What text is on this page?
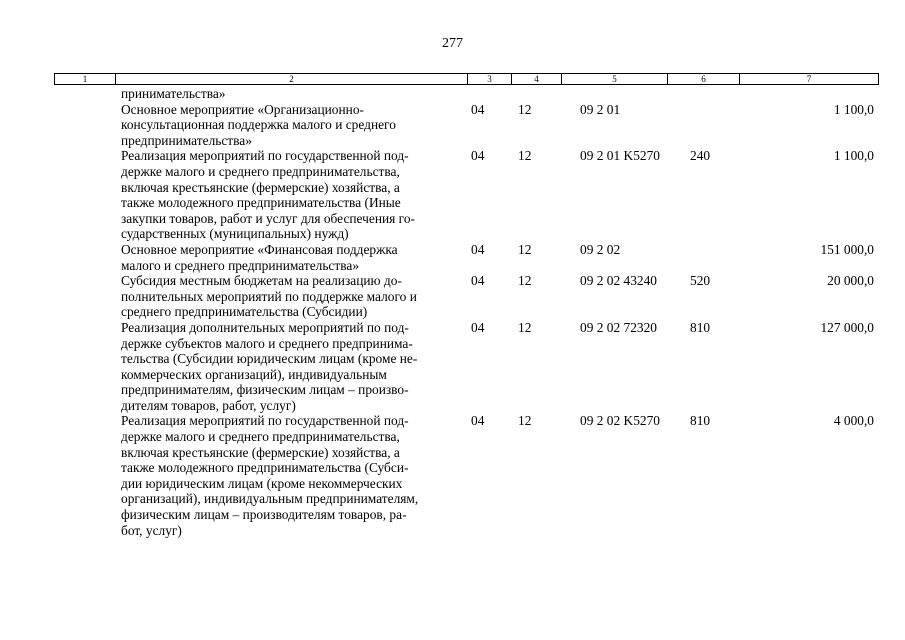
277
1	2	3	4	5	6	7
принимательства»
Основное мероприятие «Организационно-
консультационная поддержка малого и среднего
предпринимательства»
04	12	09 2 01	1 100,0
Реализация мероприятий по государственной под-
держке малого и среднего предпринимательства,
включая крестьянские (фермерские) хозяйства, а
также молодежного предпринимательства (Иные
закупки товаров, работ и услуг для обеспечения го-
сударственных (муниципальных) нужд)
04	12	09 2 01 K5270 240	1 100,0
Основное мероприятие «Финансовая поддержка
малого и среднего предпринимательства»
04	12	09 2 02	151 000,0
Субсидия местным бюджетам на реализацию до-
полнительных мероприятий по поддержке малого и
среднего предпринимательства (Субсидии)
04	12	09 2 02 43240 520	20 000,0
Реализация дополнительных мероприятий по под-
держке субъектов малого и среднего предпринима-
тельства (Субсидии юридическим лицам (кроме не-
коммерческих организаций), индивидуальным
предпринимателям, физическим лицам – произво-
дителям товаров, работ, услуг)
04	12	09 2 02 72320 810	127 000,0
Реализация мероприятий по государственной под-
держке малого и среднего предпринимательства,
включая крестьянские (фермерские) хозяйства, а
также молодежного предпринимательства (Субси-
дии юридическим лицам (кроме некоммерческих
организаций), индивидуальным предпринимателям,
физическим лицам – производителям товаров, ра-
бот, услуг)
04	12	09 2 02 K5270 810	4 000,0
